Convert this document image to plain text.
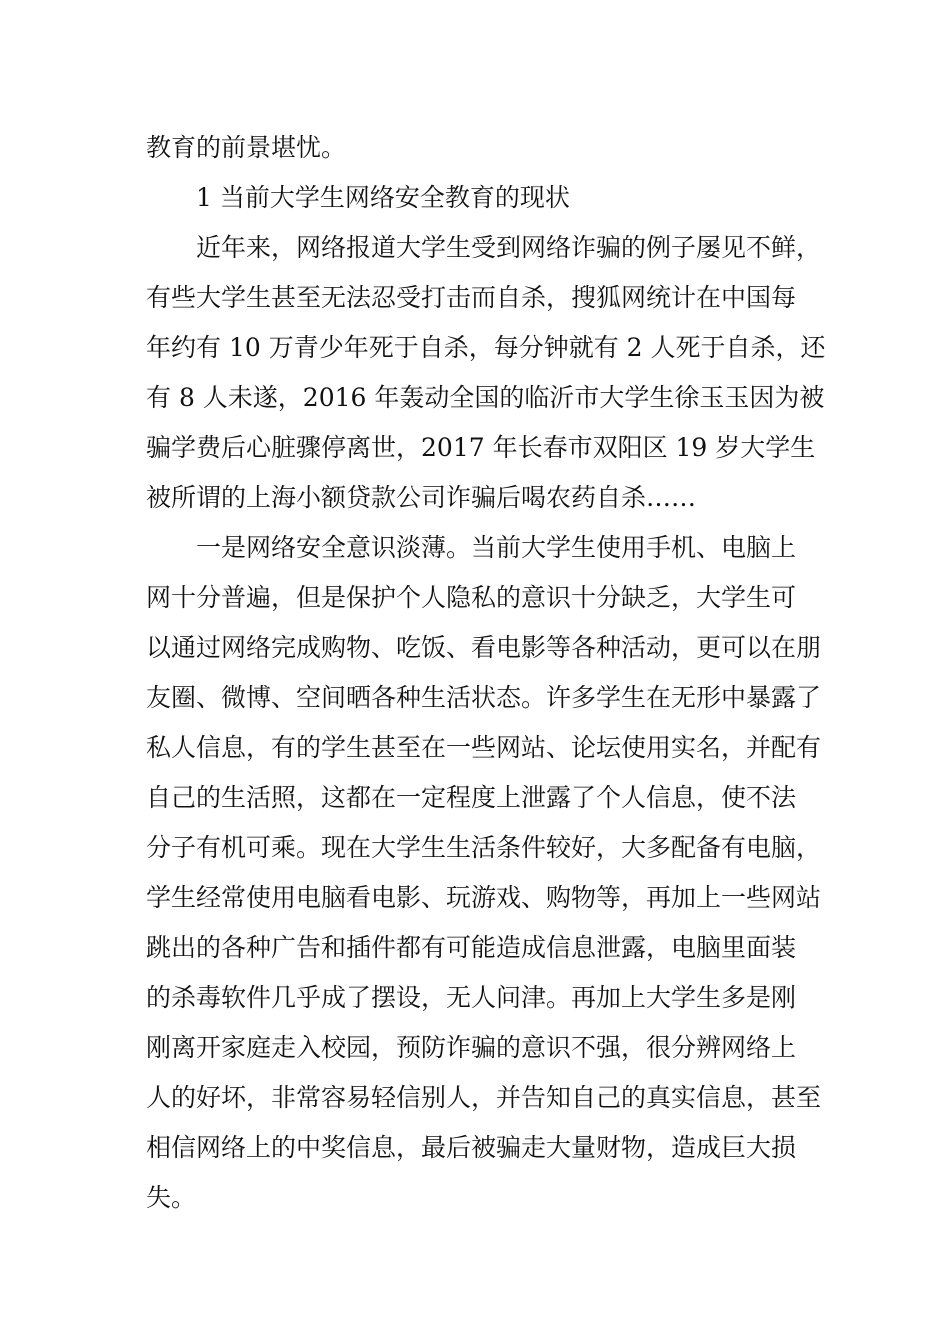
教育的前景堪忧。

1 当前大学生网络安全教育的现状

近年来，网络报道大学生受到网络诈骗的例子屡见不鲜，

有些大学生甚至无法忍受打击而自杀，搜狐网统计在中国每

年约有 10 万青少年死于自杀，每分钟就有 2 人死于自杀，还

有 8 人未遂，2016 年轰动全国的临沂市大学生徐玉玉因为被

骗学费后心脏骤停离世，2017 年长春市双阳区 19 岁大学生

被所谓的上海小额贷款公司诈骗后喝农药自杀……

一是网络安全意识淡薄。当前大学生使用手机、电脑上

网十分普遍，但是保护个人隐私的意识十分缺乏，大学生可

以通过网络完成购物、吃饭、看电影等各种活动，更可以在朋

友圈、微博、空间晒各种生活状态。许多学生在无形中暴露了

私人信息，有的学生甚至在一些网站、论坛使用实名，并配有

自己的生活照，这都在一定程度上泄露了个人信息，使不法

分子有机可乘。现在大学生生活条件较好，大多配备有电脑，

学生经常使用电脑看电影、玩游戏、购物等，再加上一些网站

跳出的各种广告和插件都有可能造成信息泄露，电脑里面装

的杀毒软件几乎成了摆设，无人问津。再加上大学生多是刚

刚离开家庭走入校园，预防诈骗的意识不强，很分辨网络上

人的好坏，非常容易轻信别人，并告知自己的真实信息，甚至

相信网络上的中奖信息，最后被骗走大量财物，造成巨大损

失。
